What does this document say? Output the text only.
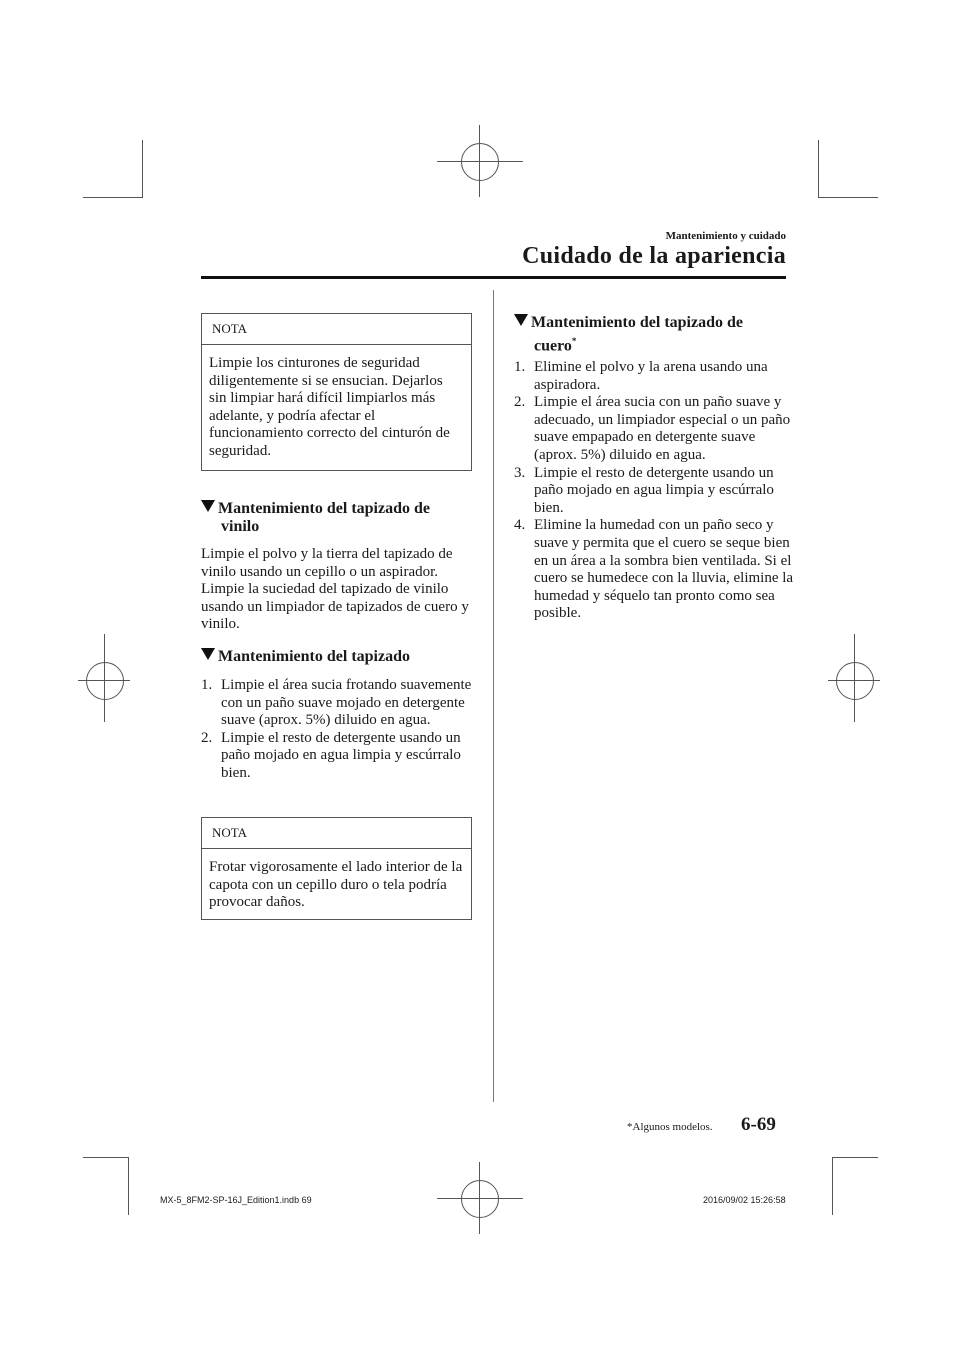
Mantenimiento y cuidado
Cuidado de la apariencia
NOTA
Limpie los cinturones de seguridad diligentemente si se ensucian. Dejarlos sin limpiar hará difícil limpiarlos más adelante, y podría afectar el funcionamiento correcto del cinturón de seguridad.
Mantenimiento del tapizado de
vinilo
Limpie el polvo y la tierra del tapizado de vinilo usando un cepillo o un aspirador. Limpie la suciedad del tapizado de vinilo usando un limpiador de tapizados de cuero y vinilo.
Mantenimiento del tapizado
1. Limpie el área sucia frotando suavemente con un paño suave mojado en detergente suave (aprox. 5%) diluido en agua.
2. Limpie el resto de detergente usando un paño mojado en agua limpia y escúrralo bien.
NOTA
Frotar vigorosamente el lado interior de la capota con un cepillo duro o tela podría provocar daños.
Mantenimiento del tapizado de
cuero*
1. Elimine el polvo y la arena usando una aspiradora.
2. Limpie el área sucia con un paño suave y adecuado, un limpiador especial o un paño suave empapado en detergente suave (aprox. 5%) diluido en agua.
3. Limpie el resto de detergente usando un paño mojado en agua limpia y escúrralo bien.
4. Elimine la humedad con un paño seco y suave y permita que el cuero se seque bien en un área a la sombra bien ventilada. Si el cuero se humedece con la lluvia, elimine la humedad y séquelo tan pronto como sea posible.
*Algunos modelos. 6-69
MX-5_8FM2-SP-16J_Edition1.indb 69	2016/09/02 15:26:58
